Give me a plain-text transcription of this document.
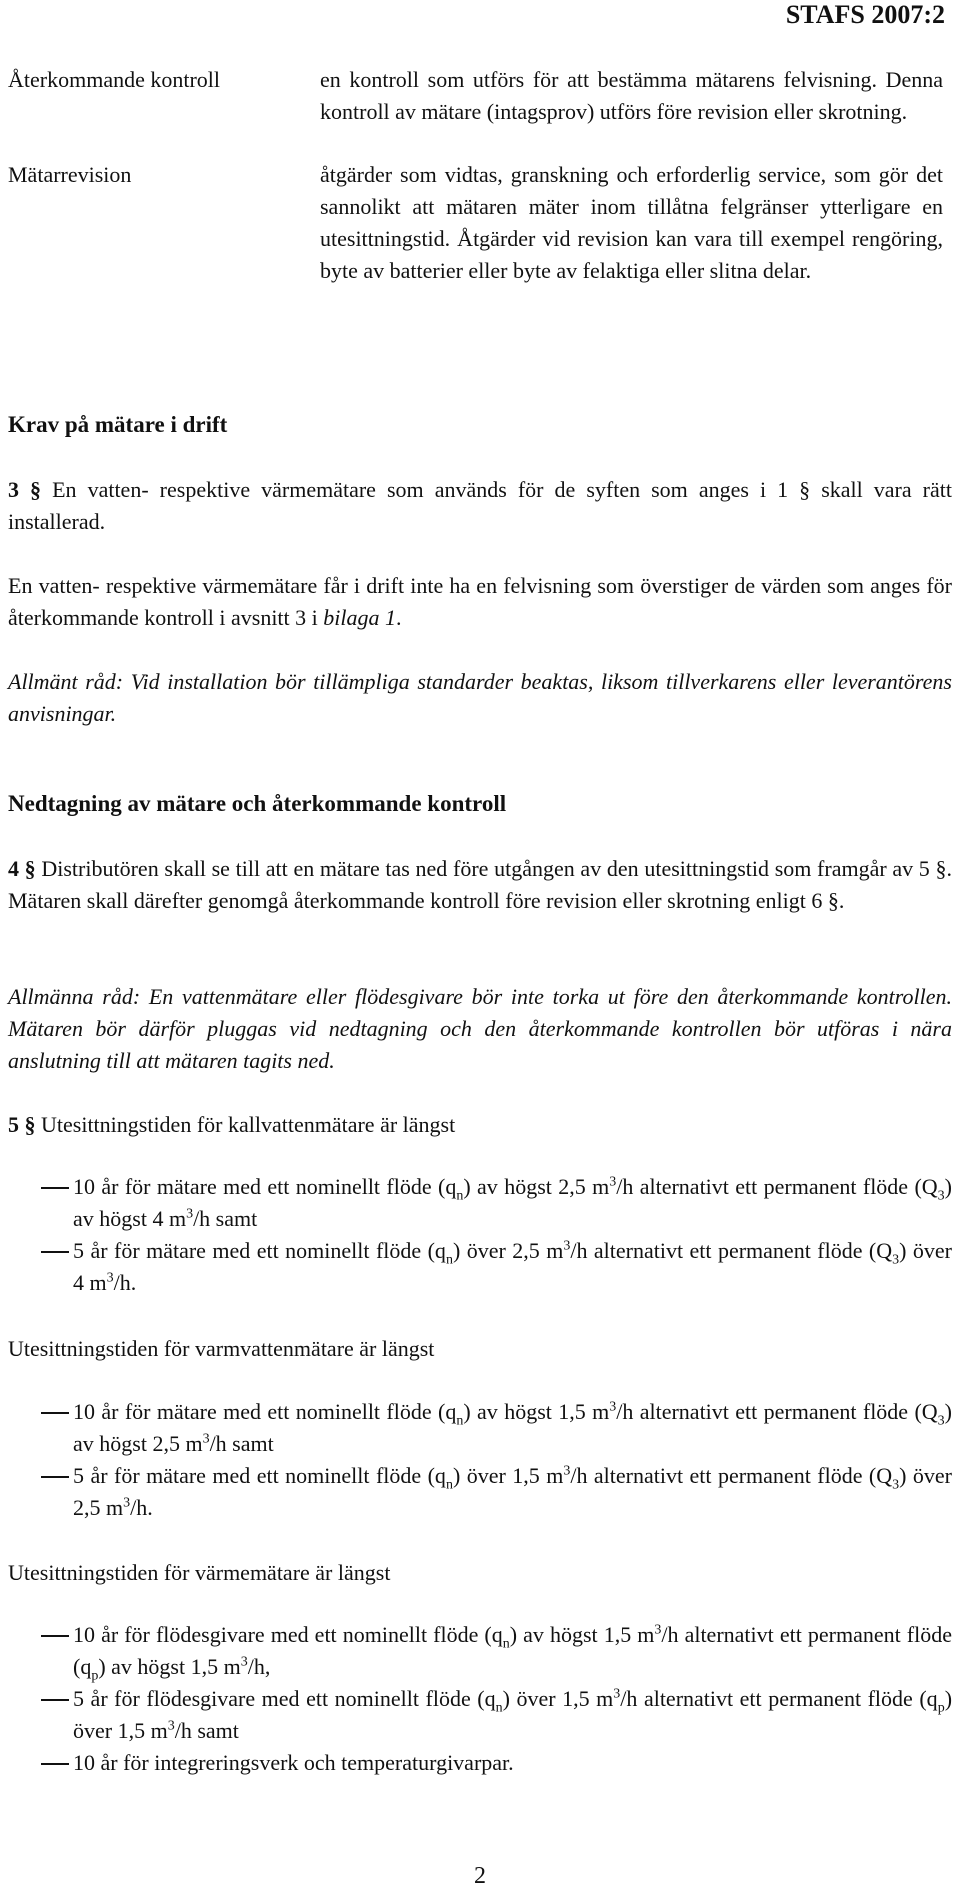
STAFS 2007:2
Återkommande kontroll	en kontroll som utförs för att bestämma mätarens felvisning. Denna kontroll av mätare (intagsprov) utförs före revision eller skrotning.
Mätarrevision	åtgärder som vidtas, granskning och erforderlig service, som gör det sannolikt att mätaren mäter inom tillåtna felgränser ytterligare en utesittningstid. Åtgärder vid revision kan vara till exempel rengöring, byte av batterier eller byte av felaktiga eller slitna delar.
Krav på mätare i drift
3 § En vatten- respektive värmemätare som används för de syften som anges i 1 § skall vara rätt installerad.
En vatten- respektive värmemätare får i drift inte ha en felvisning som överstiger de värden som anges för återkommande kontroll i avsnitt 3 i bilaga 1.
Allmänt råd: Vid installation bör tillämpliga standarder beaktas, liksom tillverkarens eller leverantörens anvisningar.
Nedtagning av mätare och återkommande kontroll
4 § Distributören skall se till att en mätare tas ned före utgången av den utesittningstid som framgår av 5 §. Mätaren skall därefter genomgå återkommande kontroll före revision eller skrotning enligt 6 §.
Allmänna råd: En vattenmätare eller flödesgivare bör inte torka ut före den återkommande kontrollen. Mätaren bör därför pluggas vid nedtagning och den återkommande kontrollen bör utföras i nära anslutning till att mätaren tagits ned.
5 § Utesittningstiden för kallvattenmätare är längst
10 år för mätare med ett nominellt flöde $(q_n)$ av högst 2,5 $m^3/h$ alternativt ett permanent flöde $(Q_3)$ av högst 4 $m^3/h$ samt
5 år för mätare med ett nominellt flöde $(q_n)$ över 2,5 $m^3/h$ alternativt ett permanent flöde $(Q_3)$ över 4 $m^3/h$.
Utesittningstiden för varmvattenmätare är längst
10 år för mätare med ett nominellt flöde $(q_n)$ av högst 1,5 $m^3/h$ alternativt ett permanent flöde $(Q_3)$ av högst 2,5 $m^3/h$ samt
5 år för mätare med ett nominellt flöde $(q_n)$ över 1,5 $m^3/h$ alternativt ett permanent flöde $(Q_3)$ över 2,5 $m^3/h$.
Utesittningstiden för värmemätare är längst
10 år för flödesgivare med ett nominellt flöde $(q_n)$ av högst 1,5 $m^3/h$ alternativt ett permanent flöde $(q_p)$ av högst 1,5 $m^3/h$,
5 år för flödesgivare med ett nominellt flöde $(q_n)$ över 1,5 $m^3/h$ alternativt ett permanent flöde $(q_p)$ över 1,5 $m^3/h$ samt
10 år för integreringsverk och temperaturgivarpar.
2
